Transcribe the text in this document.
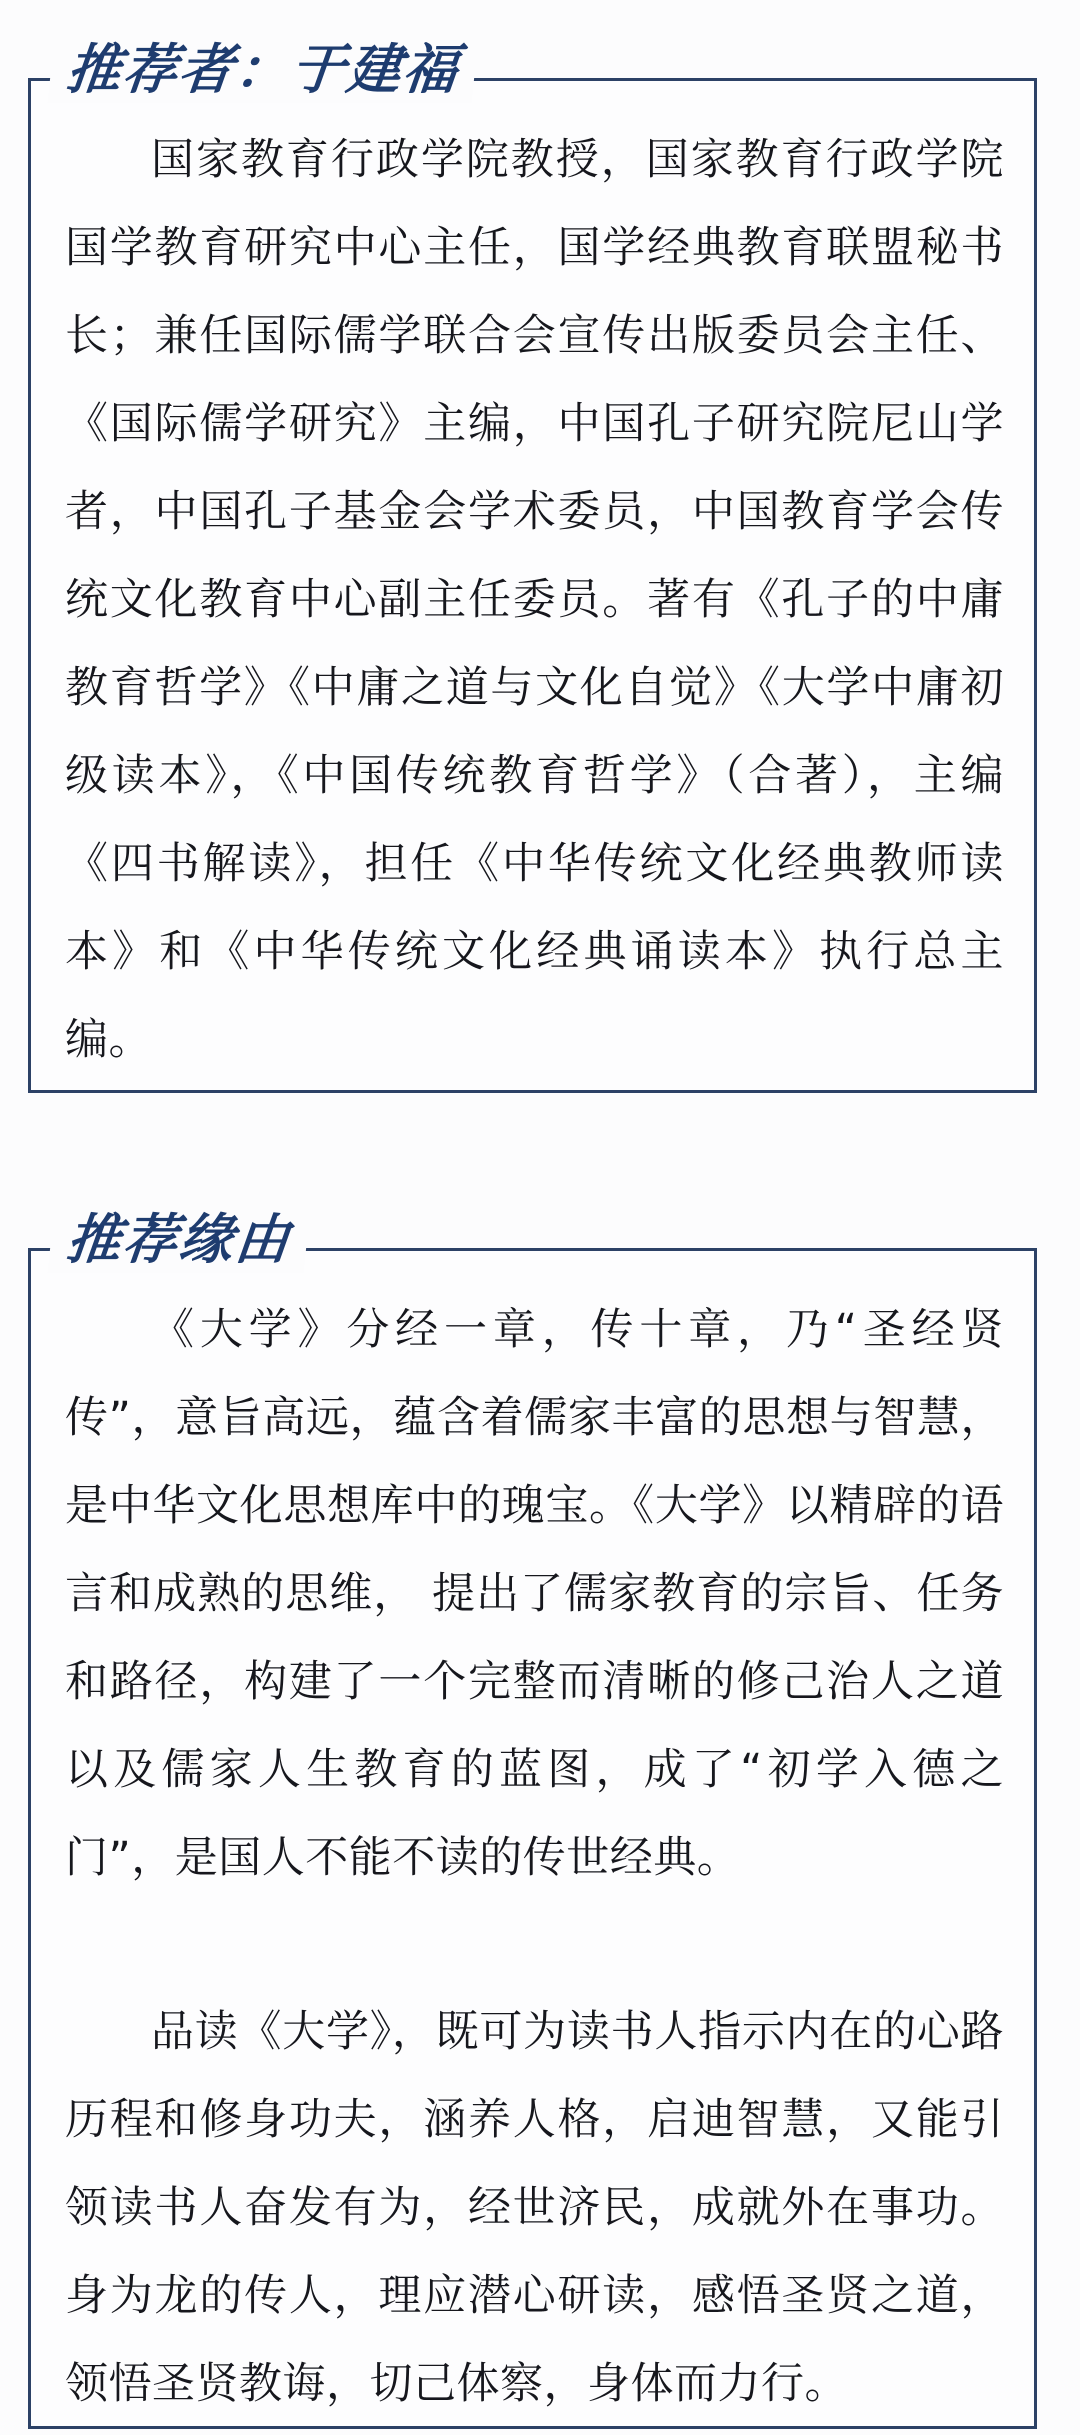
推荐者：于建福

国家教育行政学院教授，国家教育行政学院国学教育研究中心主任，国学经典教育联盟秘书长；兼任国际儒学联合会宣传出版委员会主任、《国际儒学研究》主编，中国孔子研究院尼山学者，中国孔子基金会学术委员，中国教育学会传统文化教育中心副主任委员。著有《孔子的中庸教育哲学》《中庸之道与文化自觉》《大学中庸初级读本》，《中国传统教育哲学》（合著），主编《四书解读》，担任《中华传统文化经典教师读本》和《中华传统文化经典诵读本》执行总主编。

推荐缘由

《大学》分经一章，传十章，乃“圣经贤传”，意旨高远，蕴含着儒家丰富的思想与智慧，是中华文化思想库中的瑰宝。《大学》以精辟的语言和成熟的思维， 提出了儒家教育的宗旨、任务和路径，构建了一个完整而清晰的修己治人之道以及儒家人生教育的蓝图，成了“初学入德之门”，是国人不能不读的传世经典。

品读《大学》，既可为读书人指示内在的心路历程和修身功夫，涵养人格，启迪智慧，又能引领读书人奋发有为，经世济民，成就外在事功。身为龙的传人，理应潜心研读，感悟圣贤之道，领悟圣贤教诲，切己体察，身体而力行。
